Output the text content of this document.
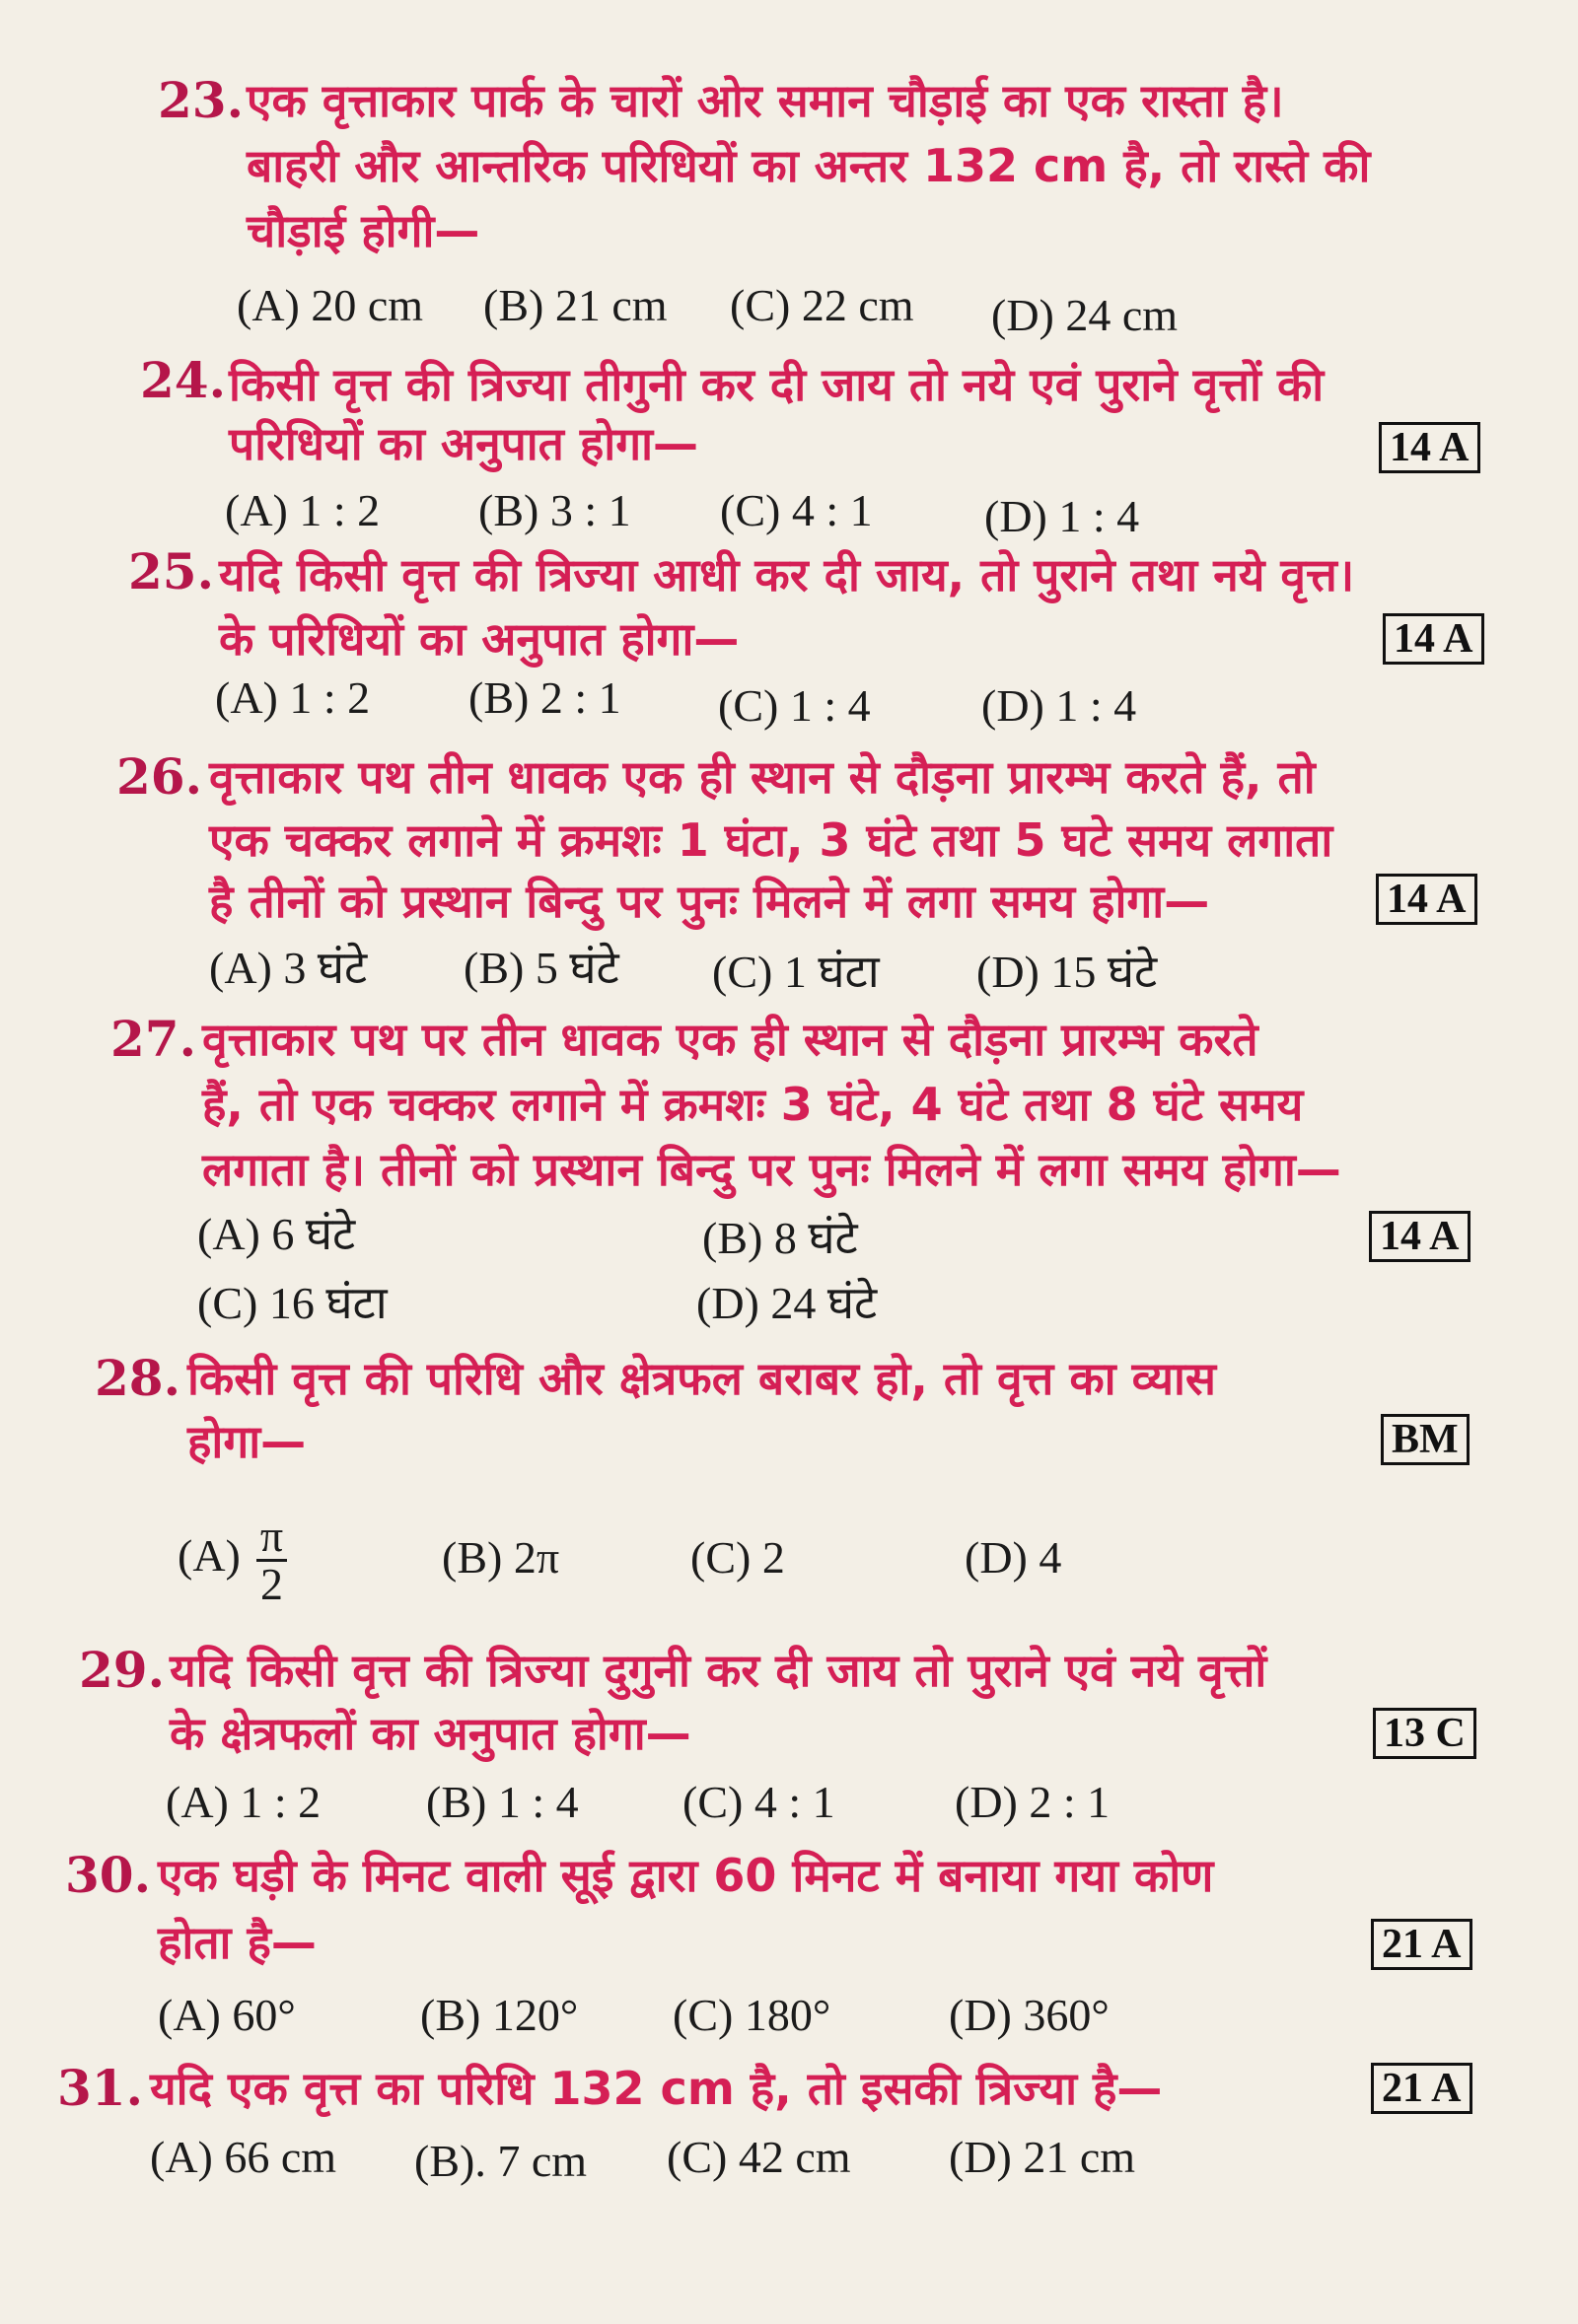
23. एक वृत्ताकार पार्क के चारों ओर समान चौड़ाई का एक रास्ता है।
बाहरी और आन्तरिक परिधियों का अन्तर 132 cm है, तो रास्ते की
चौड़ाई होगी—
(A) 20 cm (B) 21 cm (C) 22 cm (D) 24 cm
24. किसी वृत्त की त्रिज्या तीगुनी कर दी जाय तो नये एवं पुराने वृत्तों की
परिधियों का अनुपात होगा—	14 A
(A) 1 : 2 (B) 3 : 1 (C) 4 : 1 (D) 1 : 4
25. यदि किसी वृत्त की त्रिज्या आधी कर दी जाय, तो पुराने तथा नये वृत्त।
के परिधियों का अनुपात होगा—	14 A
(A) 1 : 2 (B) 2 : 1 (C) 1 : 4 (D) 1 : 4
26. वृत्ताकार पथ तीन धावक एक ही स्थान से दौड़ना प्रारम्भ करते हैं, तो
एक चक्कर लगाने में क्रमशः 1 घंटा, 3 घंटे तथा 5 घटे समय लगाता
है तीनों को प्रस्थान बिन्दु पर पुनः मिलने में लगा समय होगा—	14 A
(A) 3 घंटे (B) 5 घंटे (C) 1 घंटा (D) 15 घंटे
27. वृत्ताकार पथ पर तीन धावक एक ही स्थान से दौड़ना प्रारम्भ करते
हैं, तो एक चक्कर लगाने में क्रमशः 3 घंटे, 4 घंटे तथा 8 घंटे समय
लगाता है। तीनों को प्रस्थान बिन्दु पर पुनः मिलने में लगा समय होगा—
(A) 6 घंटे	(B) 8 घंटे	14 A
(C) 16 घंटा	(D) 24 घंटे
28. किसी वृत्त की परिधि और क्षेत्रफल बराबर हो, तो वृत्त का व्यास
होगा—	BM
$(A) \frac{\pi}{2}$	(B) 2π	(C) 2	(D) 4
29. यदि किसी वृत्त की त्रिज्या दुगुनी कर दी जाय तो पुराने एवं नये वृत्तों
के क्षेत्रफलों का अनुपात होगा—	13 C
(A) 1 : 2 (B) 1 : 4 (C) 4 : 1	(D) 2 : 1
30. एक घड़ी के मिनट वाली सूई द्वारा 60 मिनट में बनाया गया कोण
होता है—	21 A
(A) 60°	(B) 120° (C) 180°	(D) 360°
31. यदि एक वृत्त का परिधि 132 cm है, तो इसकी त्रिज्या है—	21 A
(A) 66 cm (B). 7 cm (C) 42 cm (D) 21 cm
